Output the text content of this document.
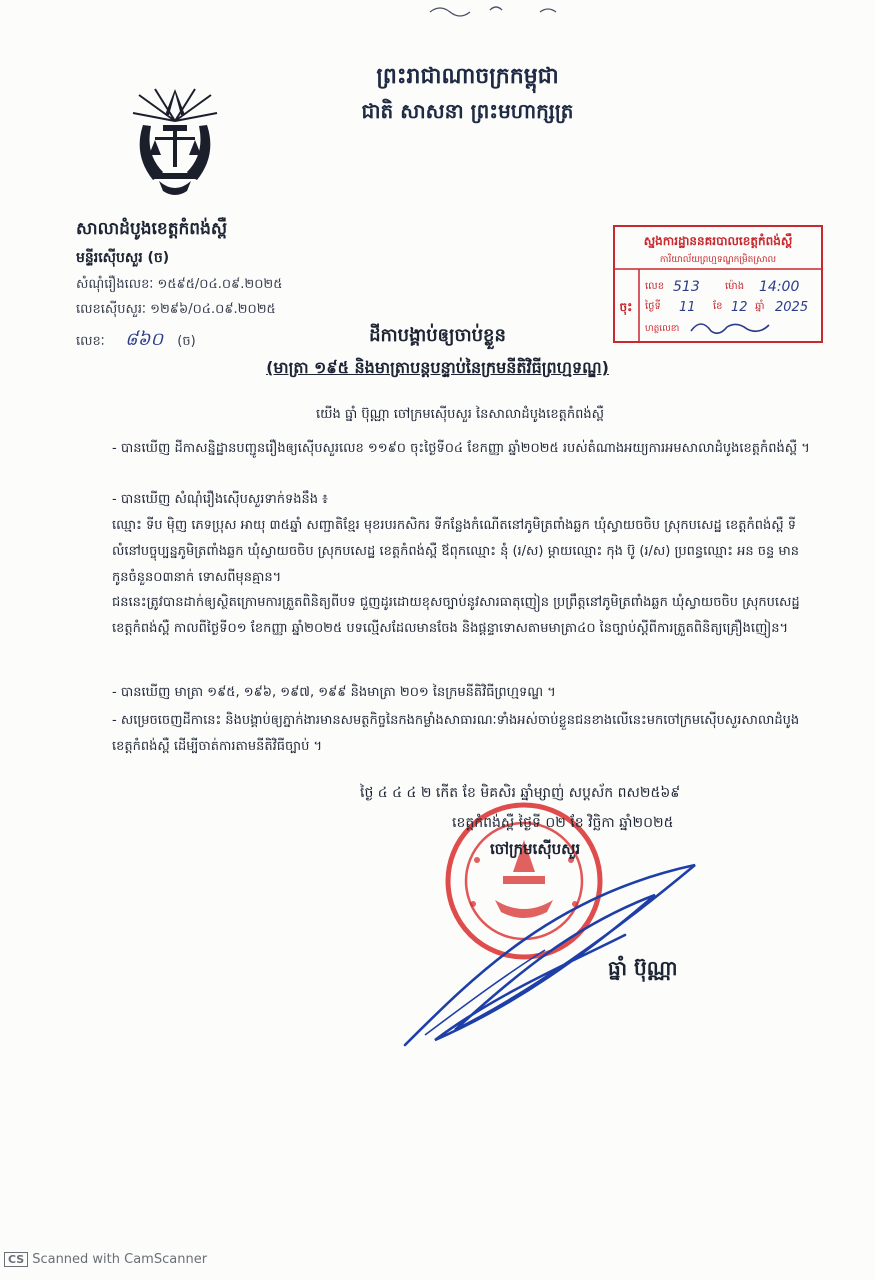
ព្រះរាជាណាចក្រកម្ពុជា
ជាតិ សាសនា ព្រះមហាក្សត្រ
សាលាដំបូងខេត្តកំពង់ស្ពឺ
មន្ទីរស៊ើបសួរ (ច)
សំណុំរឿងលេខៈ ១៥៩៥/០៤.០៩.២០២៥
លេខស៊ើបសួរៈ ១២៩៦/០៤.០៩.២០២៥
លេខៈ ៨៦០ (ច)
ស្នងការដ្ឋាននគរបាលខេត្តកំពង់ស្ពឺ
ការិយាល័យព្រហ្មទណ្ឌកម្រិតស្រាល
ចុះ
លេខ 513	ម៉ោង 14:00
ថ្ងៃទី 11 ខែ 12 ឆ្នាំ 2025
ហត្ថលេខា
ដីកាបង្គាប់ឲ្យចាប់ខ្លួន
(មាត្រា ១៩៥ និងមាត្រាបន្តបន្ទាប់នៃក្រមនីតិវិធីព្រហ្មទណ្ឌ)
យើង ធ្នាំ ប៊ុណ្ណា ចៅក្រមស៊ើបសួរ នៃសាលាដំបូងខេត្តកំពង់ស្ពឺ
- បានឃើញ ដីកាសន្និដ្ឋានបញ្ជូនរឿងឲ្យស៊ើបសួរលេខ ១១៩០ ចុះថ្ងៃទី០៤ ខែកញ្ញា ឆ្នាំ២០២៥ របស់តំណាងអយ្យការអមសាលាដំបូងខេត្តកំពង់ស្ពឺ ។
- បានឃើញ សំណុំរឿងស៊ើបសួរទាក់ទងនឹង ៖
ឈ្មោះ ទីប ម៉ិញ ភេទប្រុស អាយុ ៣៥ឆ្នាំ សញ្ជាតិខ្មែរ មុខរបរកសិករ ទីកន្លែងកំណើតនៅភូមិត្រពាំងឆ្លក ឃុំស្វាយចចិប ស្រុកបសេដ្ឋ ខេត្តកំពង់ស្ពឺ ទីលំនៅបច្ចុប្បន្នភូមិត្រពាំងឆ្លក ឃុំស្វាយចចិប ស្រុកបសេដ្ឋ ខេត្តកំពង់ស្ពឺ ឪពុកឈ្មោះ នុំ (រ/ស) ម្ដាយឈ្មោះ កុង ប៊ូ (រ/ស) ប្រពន្ធឈ្មោះ អន ចន្ទ មានកូនចំនួន០៣នាក់ ទោសពីមុនគ្មាន។
ជននេះត្រូវបានដាក់ឲ្យស្ថិតក្រោមការត្រួតពិនិត្យពីបទ ជួញដូរដោយខុសច្បាប់នូវសារធាតុញៀន ប្រព្រឹត្តនៅភូមិត្រពាំងឆ្លក ឃុំស្វាយចចិប ស្រុកបសេដ្ឋ ខេត្តកំពង់ស្ពឺ កាលពីថ្ងៃទី០១ ខែកញ្ញា ឆ្នាំ២០២៥ បទល្មើសដែលមានចែង និងផ្តន្ទាទោសតាមមាត្រា៤០ នៃច្បាប់ស្តីពីការត្រួតពិនិត្យគ្រឿងញៀន។
- បានឃើញ មាត្រា ១៩៥, ១៩៦, ១៩៧, ១៩៩ និងមាត្រា ២០១ នៃក្រមនីតិវិធីព្រហ្មទណ្ឌ ។
- សម្រេចចេញដីកានេះ និងបង្គាប់ឲ្យភ្នាក់ងារមានសមត្ថកិច្ចនៃកងកម្លាំងសាធារណៈទាំងអស់ចាប់ខ្លួនជនខាងលើនេះមកចៅក្រមស៊ើបសួរសាលាដំបូងខេត្តកំពង់ស្ពឺ ដើម្បីចាត់ការតាមនីតិវិធីច្បាប់ ។
ថ្ងៃ ៤ ៤ ៤ ២ កើត ខែ មិគសិរ ឆ្នាំម្សាញ់ សប្តស័ក ពស២៥៦៩
ខេត្តកំពង់ស្ពឺ ថ្ងៃទី ០២ ខែ វិច្ឆិកា ឆ្នាំ២០២៥
ចៅក្រមស៊ើបសួរ
ធ្នាំ ប៊ុណ្ណា
CS Scanned with CamScanner
